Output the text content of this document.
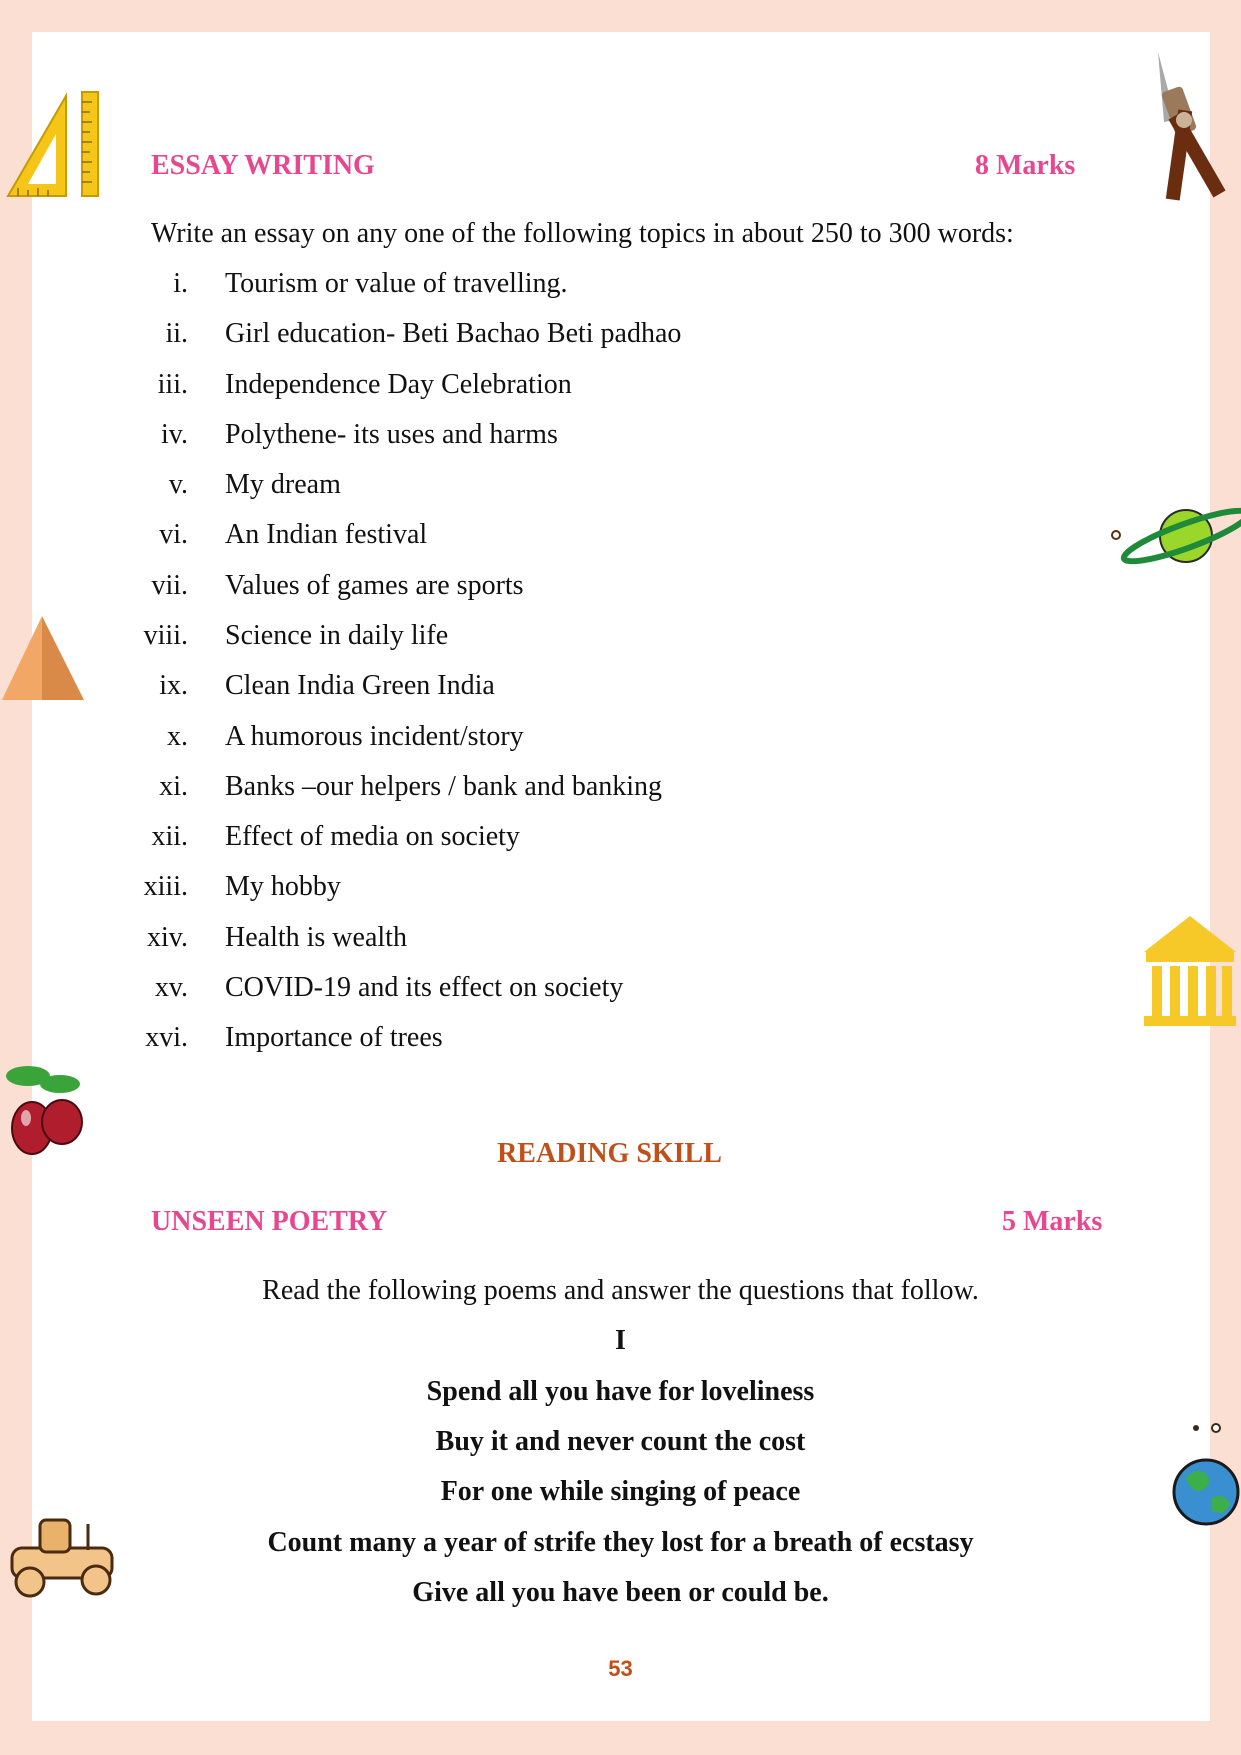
ESSAY WRITING	8 Marks
Write an essay on any one of the following topics in about 250 to 300 words:
i. Tourism or value of travelling.
ii. Girl education- Beti Bachao Beti padhao
iii. Independence Day Celebration
iv. Polythene- its uses and harms
v. My dream
vi. An Indian festival
vii. Values of games are sports
viii. Science in daily life
ix. Clean India Green India
x. A humorous incident/story
xi. Banks –our helpers / bank and banking
xii. Effect of media on society
xiii. My hobby
xiv. Health is wealth
xv. COVID-19 and its effect on society
xvi. Importance of trees
READING SKILL
UNSEEN POETRY	5 Marks
Read the following poems and answer the questions that follow.
I
Spend all you have for loveliness
Buy it and never count the cost
For one while singing of peace
Count many a year of strife they lost for a breath of ecstasy
Give all you have been or could be.
53
